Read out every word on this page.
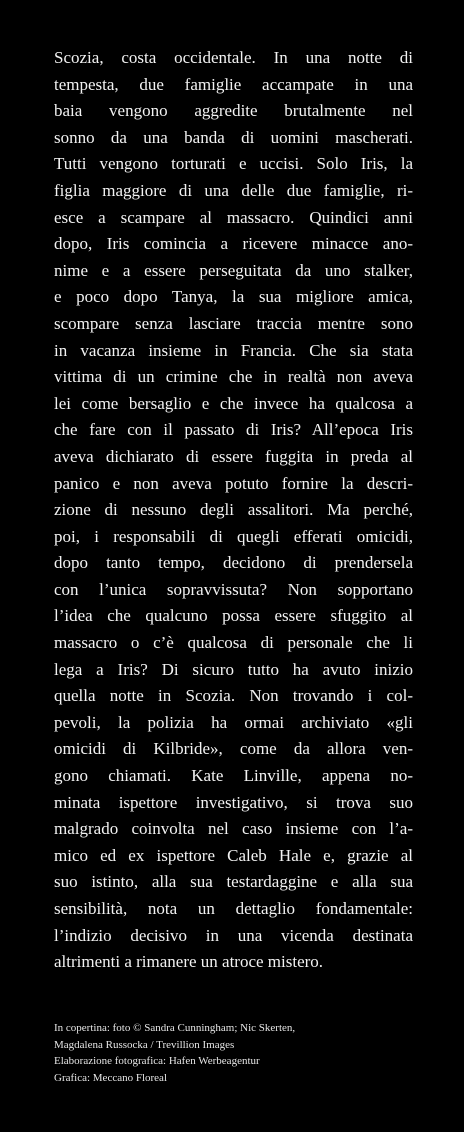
Scozia, costa occidentale. In una notte di
tempesta, due famiglie accampate in una
baia vengono aggredite brutalmente nel
sonno da una banda di uomini mascherati.
Tutti vengono torturati e uccisi. Solo Iris, la
figlia maggiore di una delle due famiglie, ri-
esce a scampare al massacro. Quindici anni
dopo, Iris comincia a ricevere minacce ano-
nime e a essere perseguitata da uno stalker,
e poco dopo Tanya, la sua migliore amica,
scompare senza lasciare traccia mentre sono
in vacanza insieme in Francia. Che sia stata
vittima di un crimine che in realtà non aveva
lei come bersaglio e che invece ha qualcosa a
che fare con il passato di Iris? All’epoca Iris
aveva dichiarato di essere fuggita in preda al
panico e non aveva potuto fornire la descri-
zione di nessuno degli assalitori. Ma perché,
poi, i responsabili di quegli efferati omicidi,
dopo tanto tempo, decidono di prendersela
con l’unica sopravvissuta? Non sopportano
l’idea che qualcuno possa essere sfuggito al
massacro o c’è qualcosa di personale che li
lega a Iris? Di sicuro tutto ha avuto inizio
quella notte in Scozia. Non trovando i col-
pevoli, la polizia ha ormai archiviato «gli
omicidi di Kilbride», come da allora ven-
gono chiamati. Kate Linville, appena no-
minata ispettore investigativo, si trova suo
malgrado coinvolta nel caso insieme con l’a-
mico ed ex ispettore Caleb Hale e, grazie al
suo istinto, alla sua testardaggine e alla sua
sensibilità, nota un dettaglio fondamentale:
l’indizio decisivo in una vicenda destinata
altrimenti a rimanere un atroce mistero.
In copertina: foto © Sandra Cunningham; Nic Skerten,
Magdalena Russocka / Trevillion Images
Elaborazione fotografica: Hafen Werbeagentur
Grafica: Meccano Floreal
